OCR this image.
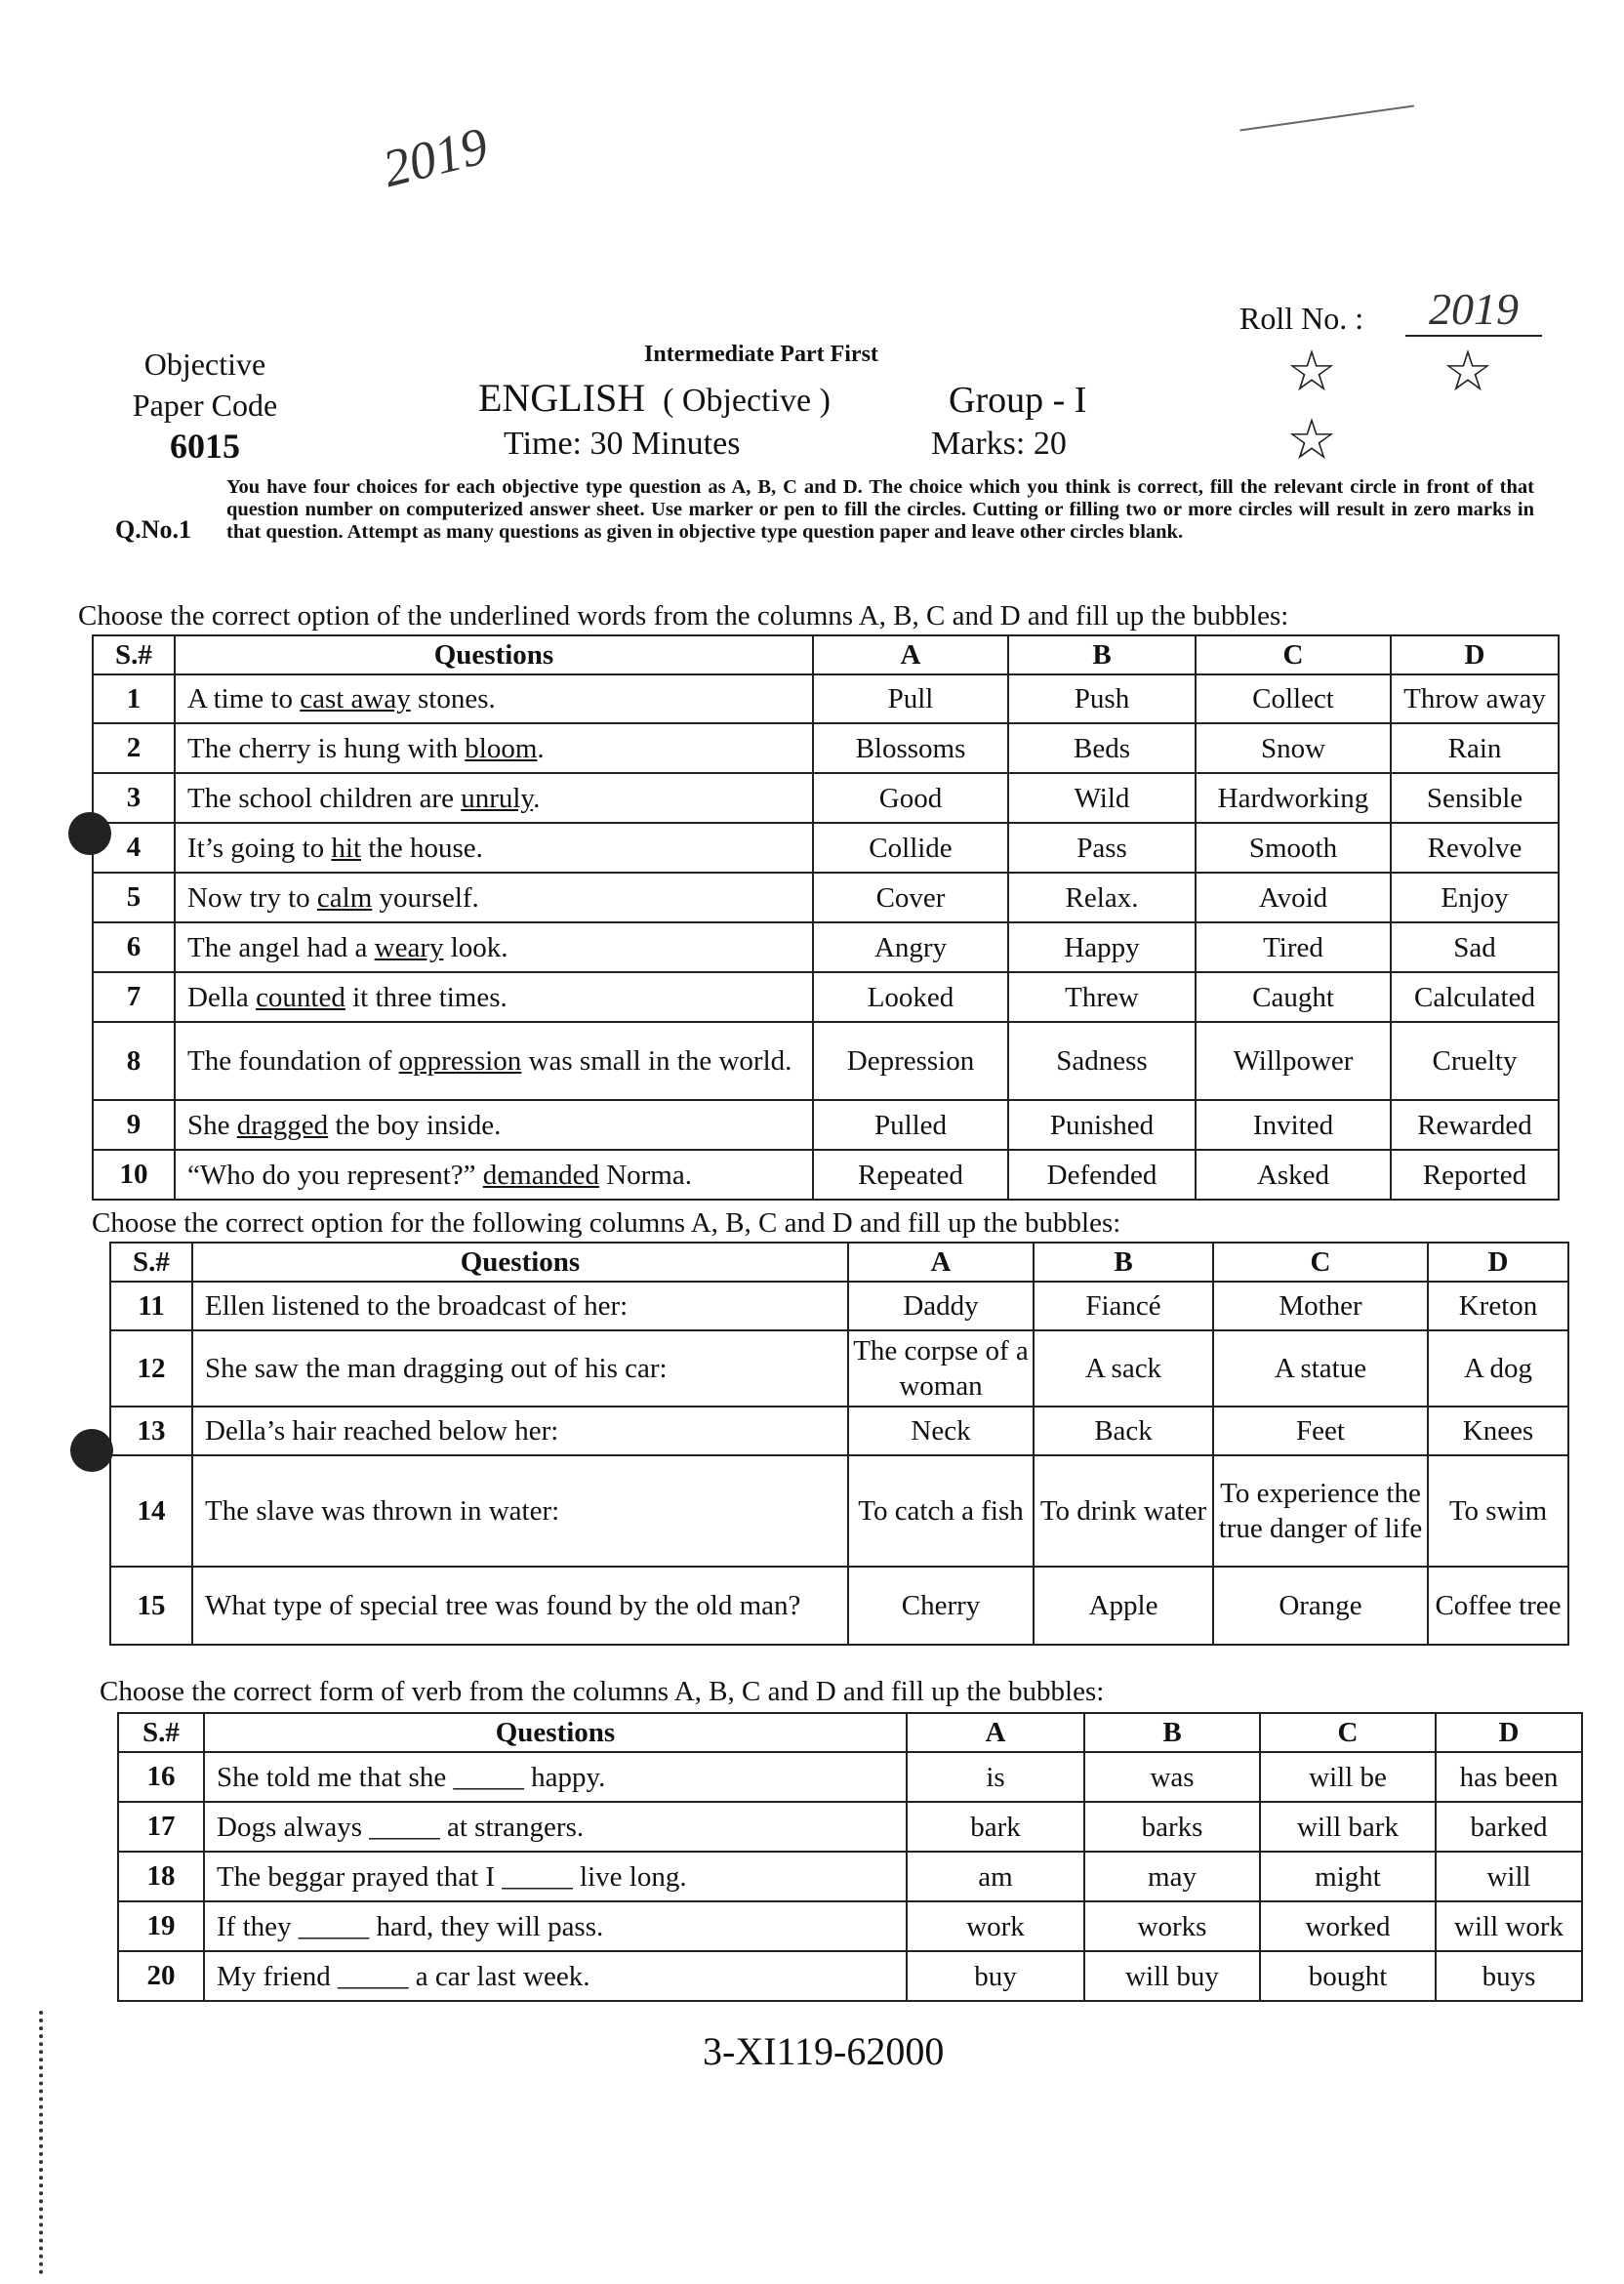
2019
Roll No. :	2019
☆ ☆
☆
Objective
Paper Code
6015
Intermediate Part First
ENGLISH ( Objective )	Group - I
Time: 30 Minutes	Marks: 20
Q.No.1
You have four choices for each objective type question as A, B, C and D. The choice which you think is correct, fill the relevant circle in front of that question number on computerized answer sheet. Use marker or pen to fill the circles. Cutting or filling two or more circles will result in zero marks in that question. Attempt as many questions as given in objective type question paper and leave other circles blank.
Choose the correct option of the underlined words from the columns A, B, C and D and fill up the bubbles:
S.#	Questions	A	B	C	D
1	A time to cast away stones.	Pull	Push	Collect	Throw away
2	The cherry is hung with bloom.	Blossoms	Beds	Snow	Rain
3	The school children are unruly.	Good	Wild	Hardworking	Sensible
4	It’s going to hit the house.	Collide	Pass	Smooth	Revolve
5	Now try to calm yourself.	Cover	Relax.	Avoid	Enjoy
6	The angel had a weary look.	Angry	Happy	Tired	Sad
7	Della counted it three times.	Looked	Threw	Caught	Calculated
8	The foundation of oppression was small in the world.	Depression	Sadness	Willpower	Cruelty
9	She dragged the boy inside.	Pulled	Punished	Invited	Rewarded
10	“Who do you represent?” demanded Norma.	Repeated	Defended	Asked	Reported
Choose the correct option for the following columns A, B, C and D and fill up the bubbles:
S.#	Questions	A	B	C	D
11	Ellen listened to the broadcast of her:	Daddy	Fiancé	Mother	Kreton
12	She saw the man dragging out of his car:	The corpse of a woman	A sack	A statue	A dog
13	Della’s hair reached below her:	Neck	Back	Feet	Knees
14	The slave was thrown in water:	To catch a fish	To drink water	To experience the true danger of life	To swim
15	What type of special tree was found by the old man?	Cherry	Apple	Orange	Coffee tree
Choose the correct form of verb from the columns A, B, C and D and fill up the bubbles:
S.#	Questions	A	B	C	D
16	She told me that she _____ happy.	is	was	will be	has been
17	Dogs always _____ at strangers.	bark	barks	will bark	barked
18	The beggar prayed that I _____ live long.	am	may	might	will
19	If they _____ hard, they will pass.	work	works	worked	will work
20	My friend _____ a car last week.	buy	will buy	bought	buys
3-XI119-62000
